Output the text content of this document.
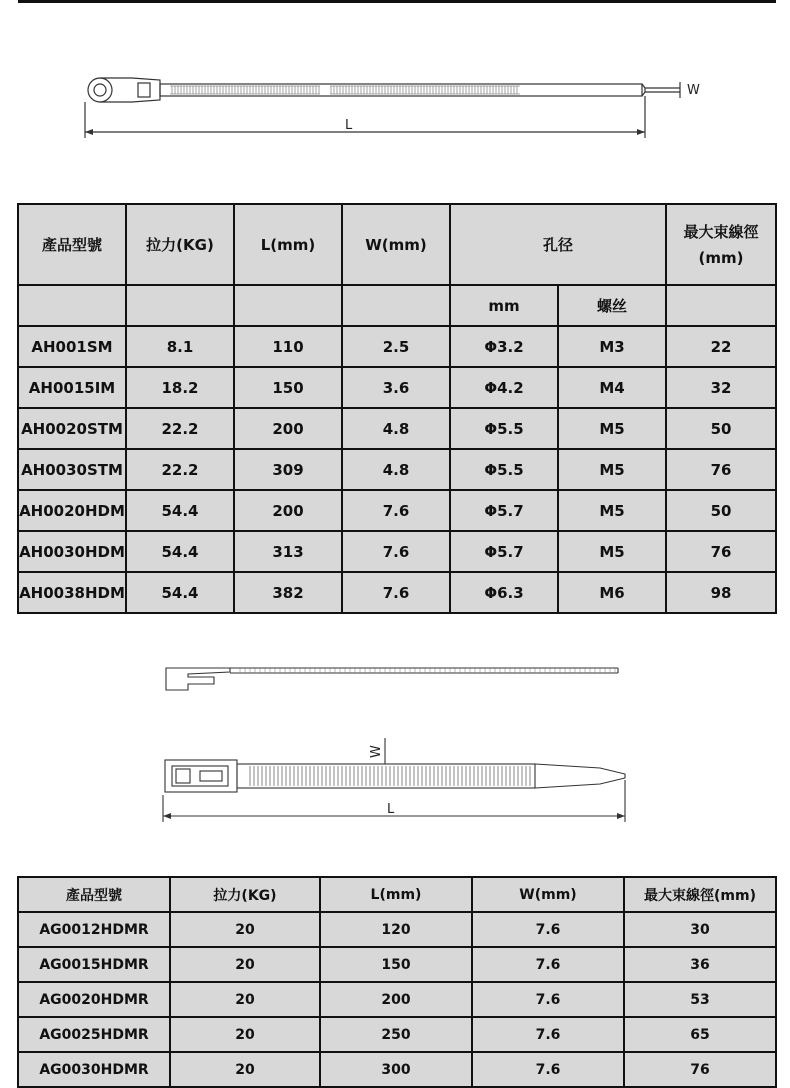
W
L
產品型號	拉力(KG)	L(mm)	W(mm)	孔径		最大束線徑
(mm)
				mm	螺丝	
AH001SM	8.1	110	2.5	Φ3.2	M3	22
AH0015IM	18.2	150	3.6	Φ4.2	M4	32
AH0020STM	22.2	200	4.8	Φ5.5	M5	50
AH0030STM	22.2	309	4.8	Φ5.5	M5	76
AH0020HDM	54.4	200	7.6	Φ5.7	M5	50
AH0030HDM	54.4	313	7.6	Φ5.7	M5	76
AH0038HDM	54.4	382	7.6	Φ6.3	M6	98
W
L
產品型號	拉力(KG)	L(mm)	W(mm)	最大束線徑(mm)
AG0012HDMR	20	120	7.6	30
AG0015HDMR	20	150	7.6	36
AG0020HDMR	20	200	7.6	53
AG0025HDMR	20	250	7.6	65
AG0030HDMR	20	300	7.6	76
